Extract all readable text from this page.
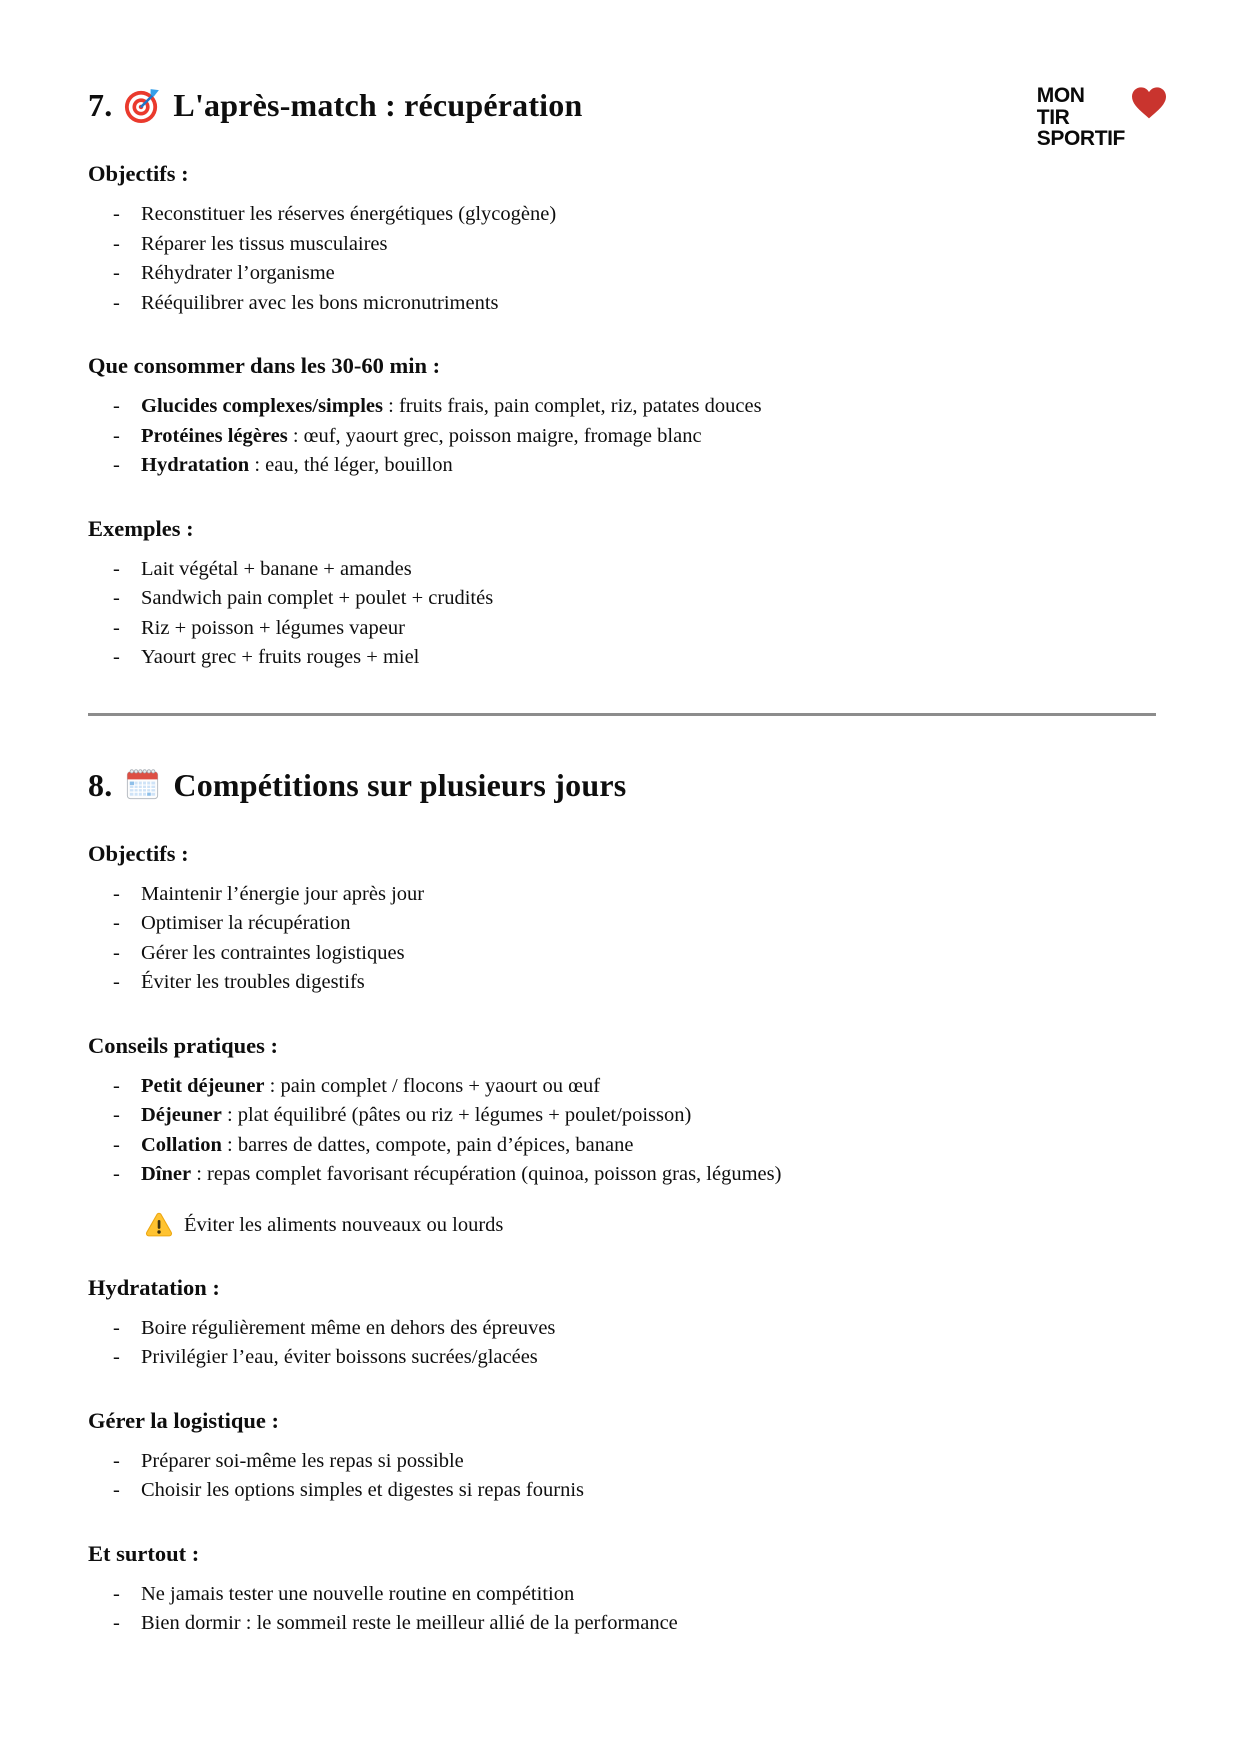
7. L'après-match : récupération
Objectifs :
-	Reconstituer les réserves énergétiques (glycogène)
-	Réparer les tissus musculaires
-	Réhydrater l’organisme
-	Rééquilibrer avec les bons micronutriments
Que consommer dans les 30-60 min :
-	Glucides complexes/simples : fruits frais, pain complet, riz, patates douces
-	Protéines légères : œuf, yaourt grec, poisson maigre, fromage blanc
-	Hydratation : eau, thé léger, bouillon
Exemples :
-	Lait végétal + banane + amandes
-	Sandwich pain complet + poulet + crudités
-	Riz + poisson + légumes vapeur
-	Yaourt grec + fruits rouges + miel
8. Compétitions sur plusieurs jours
Objectifs :
-	Maintenir l’énergie jour après jour
-	Optimiser la récupération
-	Gérer les contraintes logistiques
-	Éviter les troubles digestifs
Conseils pratiques :
-	Petit déjeuner : pain complet / flocons + yaourt ou œuf
-	Déjeuner : plat équilibré (pâtes ou riz + légumes + poulet/poisson)
-	Collation : barres de dattes, compote, pain d’épices, banane
-	Dîner : repas complet favorisant récupération (quinoa, poisson gras, légumes)
Éviter les aliments nouveaux ou lourds
Hydratation :
-	Boire régulièrement même en dehors des épreuves
-	Privilégier l’eau, éviter boissons sucrées/glacées
Gérer la logistique :
-	Préparer soi-même les repas si possible
-	Choisir les options simples et digestes si repas fournis
Et surtout :
-	Ne jamais tester une nouvelle routine en compétition
-	Bien dormir : le sommeil reste le meilleur allié de la performance
MON
TIR
SPORTIF
